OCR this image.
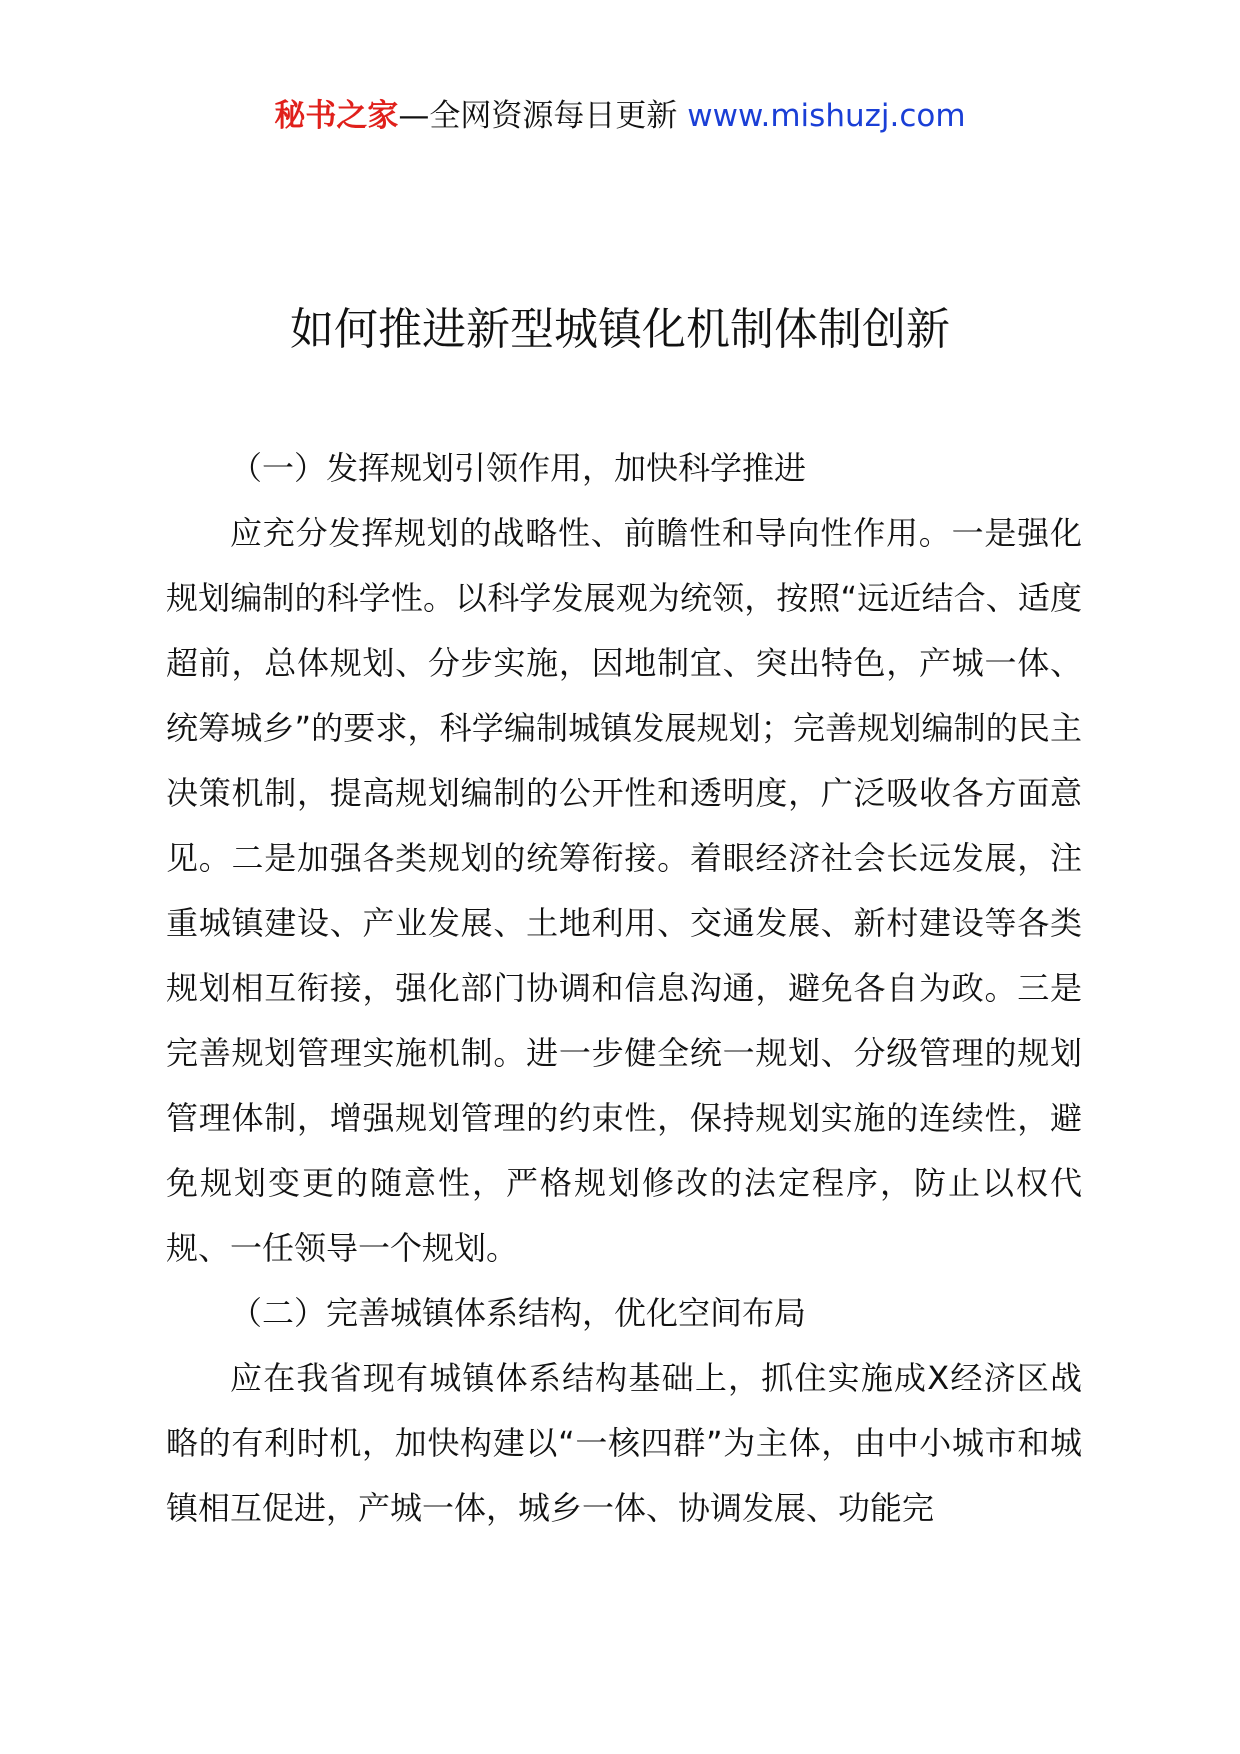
秘书之家—全网资源每日更新 www.mishuzj.com
如何推进新型城镇化机制体制创新

（一）发挥规划引领作用，加快科学推进

应充分发挥规划的战略性、前瞻性和导向性作用。一是强化规划编制的科学性。以科学发展观为统领，按照“远近结合、适度超前，总体规划、分步实施，因地制宜、突出特色，产城一体、统筹城乡”的要求，科学编制城镇发展规划；完善规划编制的民主决策机制，提高规划编制的公开性和透明度，广泛吸收各方面意见。二是加强各类规划的统筹衔接。着眼经济社会长远发展，注重城镇建设、产业发展、土地利用、交通发展、新村建设等各类规划相互衔接，强化部门协调和信息沟通，避免各自为政。三是完善规划管理实施机制。进一步健全统一规划、分级管理的规划管理体制，增强规划管理的约束性，保持规划实施的连续性，避免规划变更的随意性，严格规划修改的法定程序，防止以权代规、一任领导一个规划。

（二）完善城镇体系结构，优化空间布局

应在我省现有城镇体系结构基础上，抓住实施成X经济区战略的有利时机，加快构建以“一核四群”为主体，由中小城市和城镇相互促进，产城一体，城乡一体、协调发展、功能完
